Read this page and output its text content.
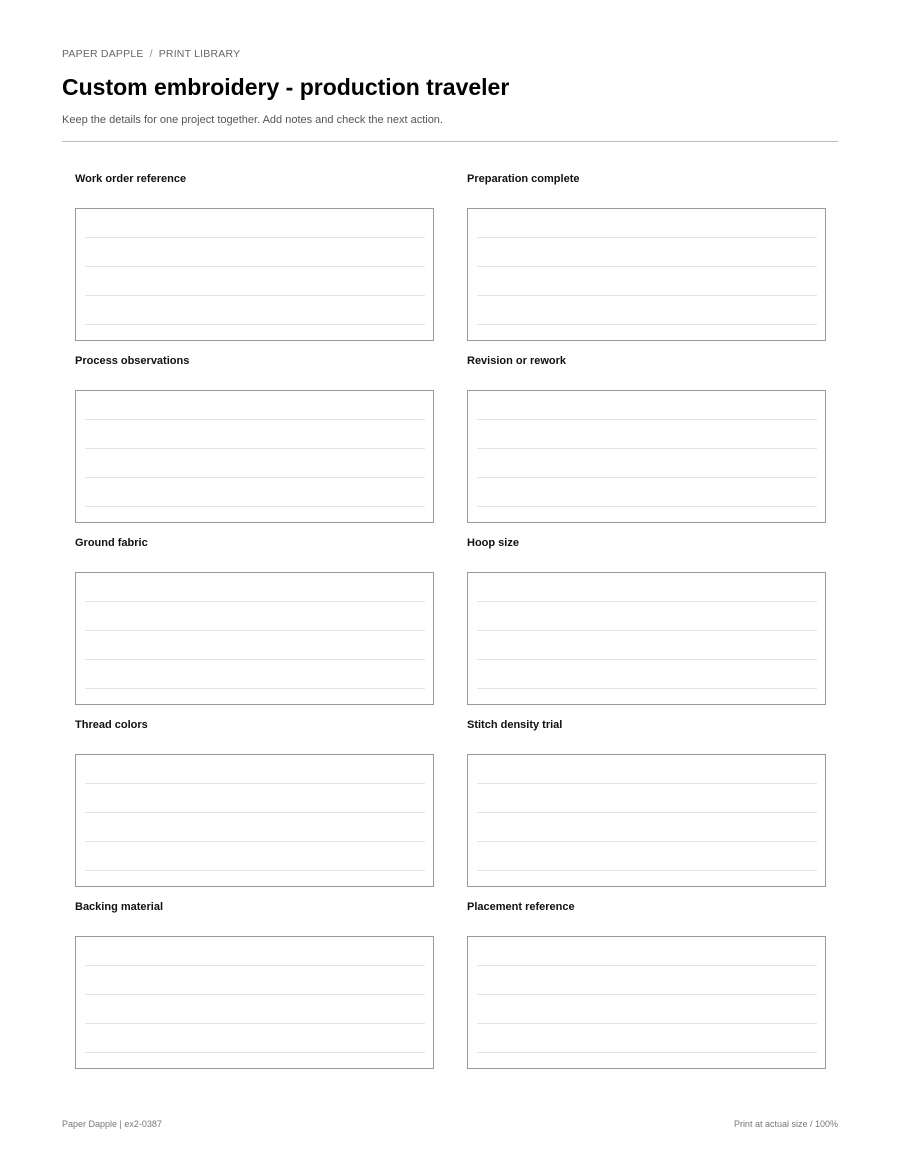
PAPER DAPPLE / PRINT LIBRARY
Custom embroidery - production traveler
Keep the details for one project together. Add notes and check the next action.
Work order reference	Preparation complete
Process observations	Revision or rework
Ground fabric	Hoop size
Thread colors	Stitch density trial
Backing material	Placement reference
Paper Dapple | ex2-0387	Print at actual size / 100%
